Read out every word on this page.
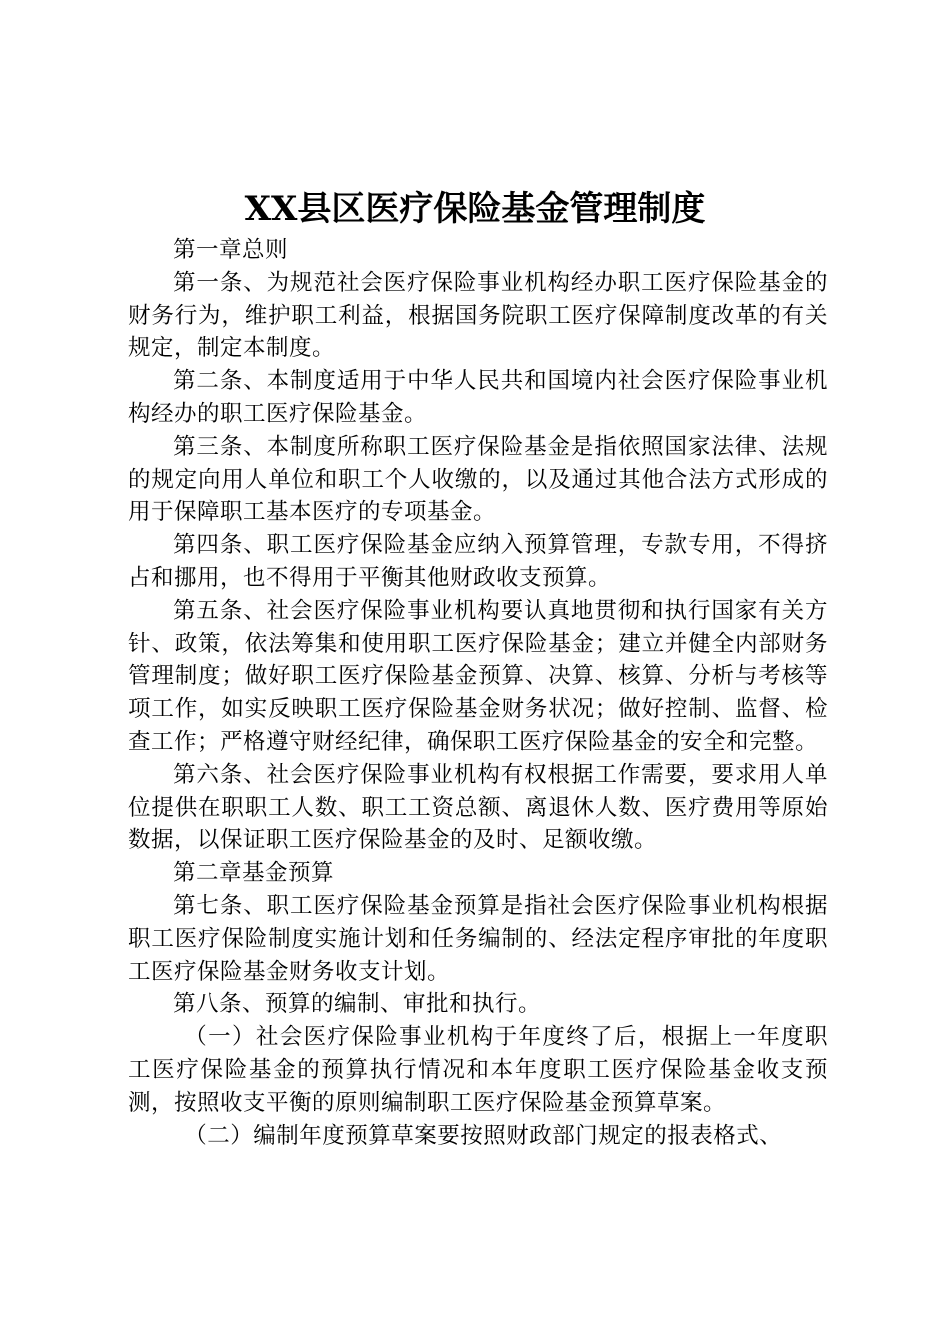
XX县区医疗保险基金管理制度

第一章总则

第一条、为规范社会医疗保险事业机构经办职工医疗保险基金的财务行为，维护职工利益，根据国务院职工医疗保障制度改革的有关规定，制定本制度。

第二条、本制度适用于中华人民共和国境内社会医疗保险事业机构经办的职工医疗保险基金。

第三条、本制度所称职工医疗保险基金是指依照国家法律、法规的规定向用人单位和职工个人收缴的，以及通过其他合法方式形成的用于保障职工基本医疗的专项基金。

第四条、职工医疗保险基金应纳入预算管理，专款专用，不得挤占和挪用，也不得用于平衡其他财政收支预算。

第五条、社会医疗保险事业机构要认真地贯彻和执行国家有关方针、政策，依法筹集和使用职工医疗保险基金；建立并健全内部财务管理制度；做好职工医疗保险基金预算、决算、核算、分析与考核等项工作，如实反映职工医疗保险基金财务状况；做好控制、监督、检查工作；严格遵守财经纪律，确保职工医疗保险基金的安全和完整。

第六条、社会医疗保险事业机构有权根据工作需要，要求用人单位提供在职职工人数、职工工资总额、离退休人数、医疗费用等原始数据，以保证职工医疗保险基金的及时、足额收缴。

第二章基金预算

第七条、职工医疗保险基金预算是指社会医疗保险事业机构根据职工医疗保险制度实施计划和任务编制的、经法定程序审批的年度职工医疗保险基金财务收支计划。

第八条、预算的编制、审批和执行。

（一）社会医疗保险事业机构于年度终了后，根据上一年度职工医疗保险基金的预算执行情况和本年度职工医疗保险基金收支预测，按照收支平衡的原则编制职工医疗保险基金预算草案。

（二）编制年度预算草案要按照财政部门规定的报表格式、
